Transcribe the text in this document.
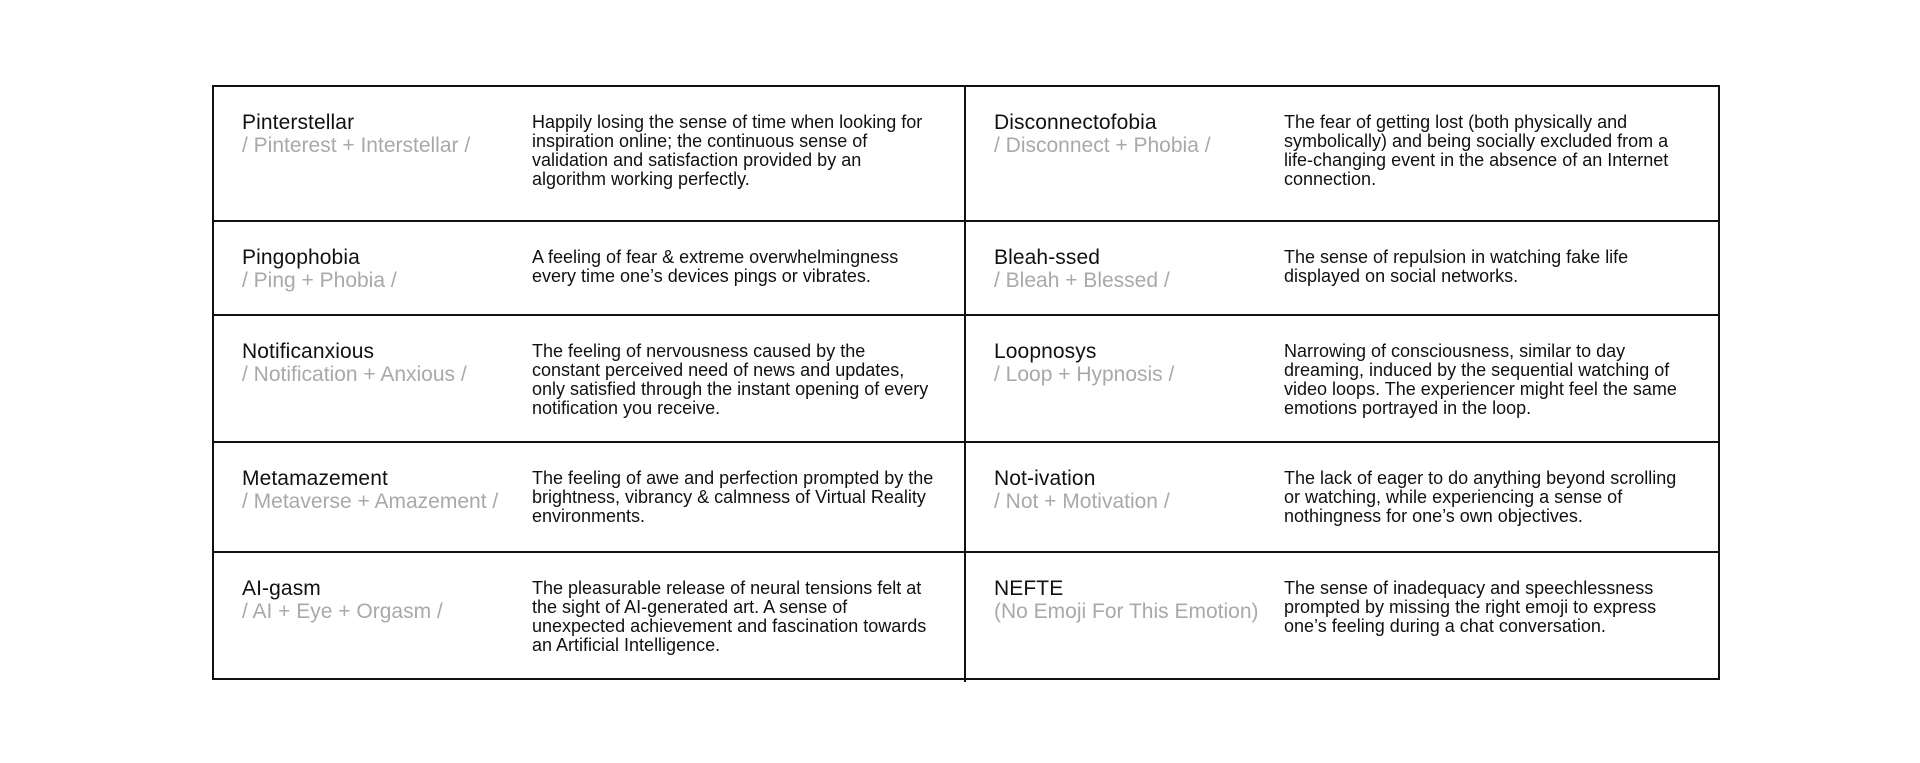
Pinterstellar
/ Pinterest + Interstellar /
Happily losing the sense of time when looking for inspiration online; the continuous sense of validation and satisfaction provided by an algorithm working perfectly.
Disconnectofobia
/ Disconnect + Phobia /
The fear of getting lost (both physically and symbolically) and being socially excluded from a life-changing event in the absence of an Internet connection.
Pingophobia
/ Ping + Phobia /
A feeling of fear & extreme overwhelmingness every time one’s devices pings or vibrates.
Bleah-ssed
/ Bleah + Blessed /
The sense of repulsion in watching fake life displayed on social networks.
Notificanxious
/ Notification + Anxious /
The feeling of nervousness caused by the constant perceived need of news and updates, only satisfied through the instant opening of every notification you receive.
Loopnosys
/ Loop + Hypnosis /
Narrowing of consciousness, similar to day dreaming, induced by the sequential watching of video loops. The experiencer might feel the same emotions portrayed in the loop.
Metamazement
/ Metaverse + Amazement /
The feeling of awe and perfection prompted by the brightness, vibrancy & calmness of Virtual Reality environments.
Not-ivation
/ Not + Motivation /
The lack of eager to do anything beyond scrolling or watching, while experiencing a sense of nothingness for one’s own objectives.
AI-gasm
/ AI + Eye + Orgasm /
The pleasurable release of neural tensions felt at the sight of AI-generated art. A sense of unexpected achievement and fascination towards an Artificial Intelligence.
NEFTE
(No Emoji For This Emotion)
The sense of inadequacy and speechlessness prompted by missing the right emoji to express one’s feeling during a chat conversation.
